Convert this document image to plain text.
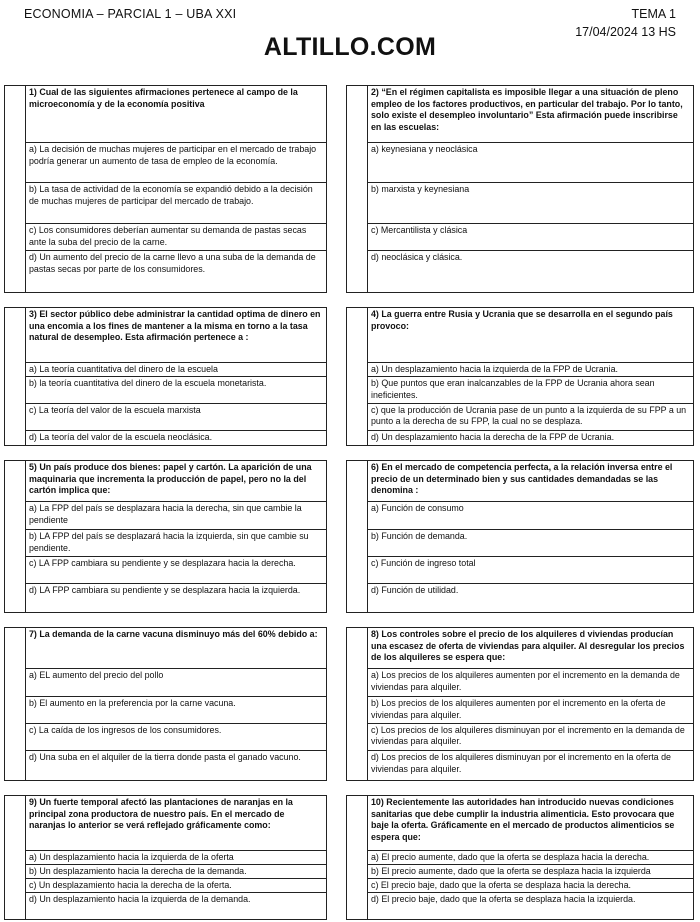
ECONOMIA – PARCIAL 1 – UBA XXI	TEMA 1
17/04/2024 13 HS
ALTILLO.COM
1) Cual de las siguientes afirmaciones pertenece al campo de la microeconomía y de la economía positiva
a) La decisión de muchas mujeres de participar en el mercado de trabajo podría generar un aumento de tasa de empleo de la economía.
b) La tasa de actividad de la economía se expandió debido a la decisión de muchas mujeres de participar del mercado de trabajo.
c) Los consumidores deberían aumentar su demanda de pastas secas ante la suba del precio de la carne.
d) Un aumento del precio de la carne llevo a una suba de la demanda de pastas secas por parte de los consumidores.
2) “En el régimen capitalista es imposible llegar a una situación de pleno empleo de los factores productivos, en particular del trabajo. Por lo tanto, solo existe el desempleo involuntario” Esta afirmación puede inscribirse en las escuelas:
a) keynesiana y neoclásica
b) marxista y keynesiana
c) Mercantilista y clásica
d) neoclásica y clásica.
3) El sector público debe administrar la cantidad optima de dinero en una encomia a los fines de mantener a la misma en torno a la tasa natural de desempleo. Esta afirmación pertenece a :
a) La teoría cuantitativa del dinero de la escuela
b) la teoría cuantitativa del dinero de la escuela monetarista.
c) La teoría del valor de la escuela marxista
d) La teoría del valor de la escuela neoclásica.
4) La guerra entre Rusia y Ucrania que se desarrolla en el segundo país provoco:
a) Un desplazamiento hacia la izquierda de la FPP de Ucrania.
b) Que puntos que eran inalcanzables de la FPP de Ucrania ahora sean ineficientes.
c) que la producción de Ucrania pase de un punto a la izquierda de su FPP a un punto a la derecha de su FPP, la cual no se desplaza.
d) Un desplazamiento hacia la derecha de la FPP de Ucrania.
5) Un país produce dos bienes: papel y cartón. La aparición de una maquinaria que incrementa la producción de papel, pero no la del cartón implica que:
a) La FPP del país se desplazara hacia la derecha, sin que cambie la pendiente
b) LA FPP del país se desplazará hacia la izquierda, sin que cambie su pendiente.
c) LA FPP cambiara su pendiente y se desplazara hacia la derecha.
d) LA FPP cambiara su pendiente y se desplazara hacia la izquierda.
6) En el mercado de competencia perfecta, a la relación inversa entre el precio de un determinado bien y sus cantidades demandadas se las denomina :
a) Función de consumo
b) Función de demanda.
c) Función de ingreso total
d) Función de utilidad.
7) La demanda de la carne vacuna disminuyo más del 60% debido a:
a) EL aumento del precio del pollo
b) El aumento en la preferencia por la carne vacuna.
c) La caída de los ingresos de los consumidores.
d) Una suba en el alquiler de la tierra donde pasta el ganado vacuno.
8) Los controles sobre el precio de los alquileres d viviendas producían una escasez de oferta de viviendas para alquiler. Al desregular los precios de los alquileres se espera que:
a) Los precios de los alquileres aumenten por el incremento en la demanda de viviendas para alquiler.
b) Los precios de los alquileres aumenten por el incremento en la oferta de viviendas para alquiler.
c) Los precios de los alquileres disminuyan por el incremento en la demanda de viviendas para alquiler.
d) Los precios de los alquileres disminuyan por el incremento en la oferta de viviendas para alquiler.
9) Un fuerte temporal afectó las plantaciones de naranjas en la principal zona productora de nuestro país. En el mercado de naranjas lo anterior se verá reflejado gráficamente como:
a) Un desplazamiento hacia la izquierda de la oferta
b) Un desplazamiento hacia la derecha de la demanda.
c) Un desplazamiento hacia la derecha de la oferta.
d) Un desplazamiento hacia la izquierda de la demanda.
10) Recientemente las autoridades han introducido nuevas condiciones sanitarias que debe cumplir la industria alimenticia. Esto provocara que baje la oferta. Gráficamente en el mercado de productos alimenticios se espera que:
a) El precio aumente, dado que la oferta se desplaza hacia la derecha.
b) El precio aumente, dado que la oferta se desplaza hacia la izquierda
c) El precio baje, dado que la oferta se desplaza hacia la derecha.
d) El precio baje, dado que la oferta se desplaza hacia la izquierda.
